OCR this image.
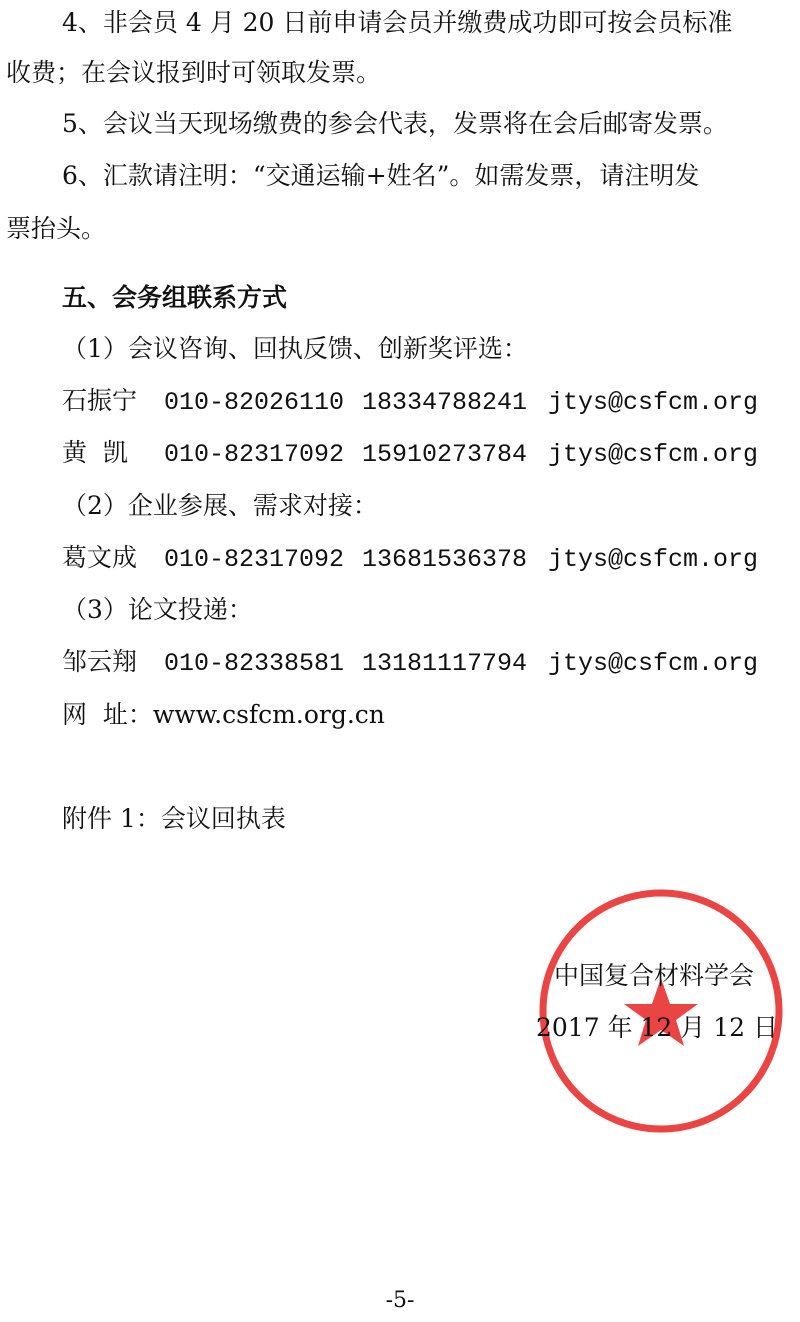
4、非会员 4 月 20 日前申请会员并缴费成功即可按会员标准
收费；在会议报到时可领取发票。
5、会议当天现场缴费的参会代表，发票将在会后邮寄发票。
6、汇款请注明：“交通运输+姓名”。如需发票，请注明发
票抬头。
五、会务组联系方式
（1）会议咨询、回执反馈、创新奖评选：
石振宁	010-82026110 18334788241 jtys@csfcm.org
黄  凯	010-82317092 15910273784 jtys@csfcm.org
（2）企业参展、需求对接：
葛文成	010-82317092 13681536378 jtys@csfcm.org
（3）论文投递：
邹云翔	010-82338581 13181117794 jtys@csfcm.org
网  址： www.csfcm.org.cn
附件 1：会议回执表
中国复合材料学会
2017 年 12 月 12 日
-5-
